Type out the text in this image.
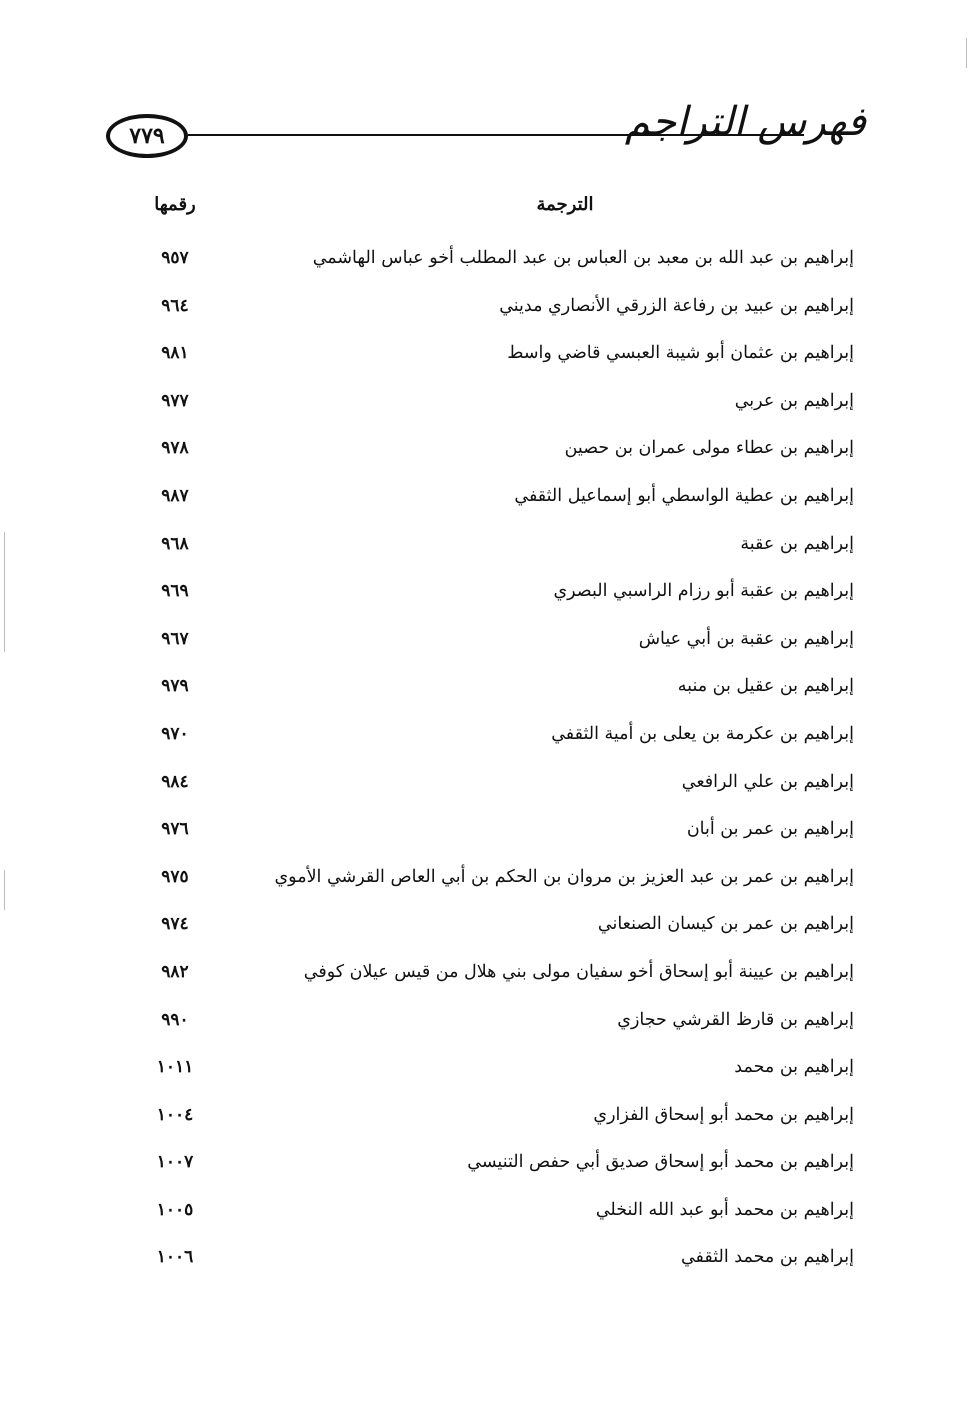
٧٧٩	فهرس التراجم
الترجمة
رقمها
إبراهيم بن عبد الله بن معبد بن العباس بن عبد المطلب أخو عباس الهاشمي
٩٥٧
إبراهيم بن عبيد بن رفاعة الزرقي الأنصاري مديني
٩٦٤
إبراهيم بن عثمان أبو شيبة العبسي قاضي واسط
٩٨١
إبراهيم بن عربي
٩٧٧
إبراهيم بن عطاء مولى عمران بن حصين
٩٧٨
إبراهيم بن عطية الواسطي أبو إسماعيل الثقفي
٩٨٧
إبراهيم بن عقبة
٩٦٨
إبراهيم بن عقبة أبو رزام الراسبي البصري
٩٦٩
إبراهيم بن عقبة بن أبي عياش
٩٦٧
إبراهيم بن عقيل بن منبه
٩٧٩
إبراهيم بن عكرمة بن يعلى بن أمية الثقفي
٩٧٠
إبراهيم بن علي الرافعي
٩٨٤
إبراهيم بن عمر بن أبان
٩٧٦
إبراهيم بن عمر بن عبد العزيز بن مروان بن الحكم بن أبي العاص القرشي الأموي
٩٧٥
إبراهيم بن عمر بن كيسان الصنعاني
٩٧٤
إبراهيم بن عيينة أبو إسحاق أخو سفيان مولى بني هلال من قيس عيلان كوفي
٩٨٢
إبراهيم بن قارظ القرشي حجازي
٩٩٠
إبراهيم بن محمد
١٠١١
إبراهيم بن محمد أبو إسحاق الفزاري
١٠٠٤
إبراهيم بن محمد أبو إسحاق صديق أبي حفص التنيسي
١٠٠٧
إبراهيم بن محمد أبو عبد الله النخلي
١٠٠٥
إبراهيم بن محمد الثقفي
١٠٠٦
